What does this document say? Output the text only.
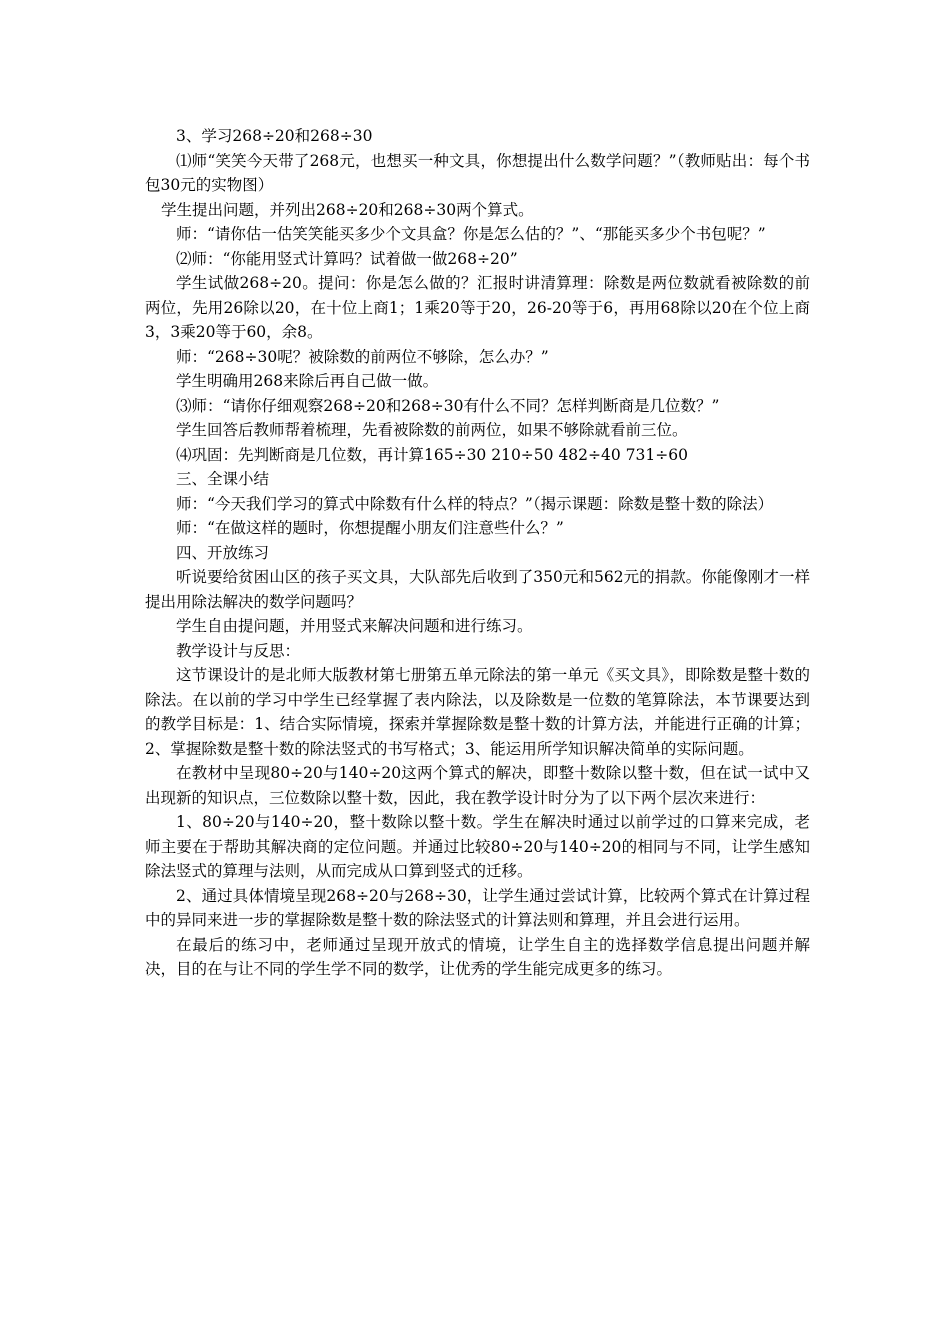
3、学习268÷20和268÷30

⑴师“笑笑今天带了268元，也想买一种文具，你想提出什么数学问题？”（教师贴出：每个书包30元的实物图）

学生提出问题，并列出268÷20和268÷30两个算式。

师：“请你估一估笑笑能买多少个文具盒？你是怎么估的？”、“那能买多少个书包呢？”

⑵师：“你能用竖式计算吗？试着做一做268÷20”

学生试做268÷20。提问：你是怎么做的？汇报时讲清算理：除数是两位数就看被除数的前两位，先用26除以20，在十位上商1；1乘20等于20，26-20等于6，再用68除以20在个位上商3，3乘20等于60，余8。

师：“268÷30呢？被除数的前两位不够除，怎么办？”

学生明确用268来除后再自己做一做。

⑶师：“请你仔细观察268÷20和268÷30有什么不同？怎样判断商是几位数？”

学生回答后教师帮着梳理，先看被除数的前两位，如果不够除就看前三位。

⑷巩固：先判断商是几位数，再计算165÷30 210÷50 482÷40 731÷60

三、全课小结

师：“今天我们学习的算式中除数有什么样的特点？”（揭示课题：除数是整十数的除法）

师：“在做这样的题时，你想提醒小朋友们注意些什么？”

四、开放练习

听说要给贫困山区的孩子买文具，大队部先后收到了350元和562元的捐款。你能像刚才一样提出用除法解决的数学问题吗？

学生自由提问题，并用竖式来解决问题和进行练习。

教学设计与反思：

这节课设计的是北师大版教材第七册第五单元除法的第一单元《买文具》，即除数是整十数的除法。在以前的学习中学生已经掌握了表内除法，以及除数是一位数的笔算除法，本节课要达到的教学目标是：1、结合实际情境，探索并掌握除数是整十数的计算方法，并能进行正确的计算；2、掌握除数是整十数的除法竖式的书写格式；3、能运用所学知识解决简单的实际问题。

在教材中呈现80÷20与140÷20这两个算式的解决，即整十数除以整十数，但在试一试中又出现新的知识点，三位数除以整十数，因此，我在教学设计时分为了以下两个层次来进行：

1、80÷20与140÷20，整十数除以整十数。学生在解决时通过以前学过的口算来完成，老师主要在于帮助其解决商的定位问题。并通过比较80÷20与140÷20的相同与不同，让学生感知除法竖式的算理与法则，从而完成从口算到竖式的迁移。

2、通过具体情境呈现268÷20与268÷30，让学生通过尝试计算，比较两个算式在计算过程中的异同来进一步的掌握除数是整十数的除法竖式的计算法则和算理，并且会进行运用。

在最后的练习中，老师通过呈现开放式的情境，让学生自主的选择数学信息提出问题并解决，目的在与让不同的学生学不同的数学，让优秀的学生能完成更多的练习。
